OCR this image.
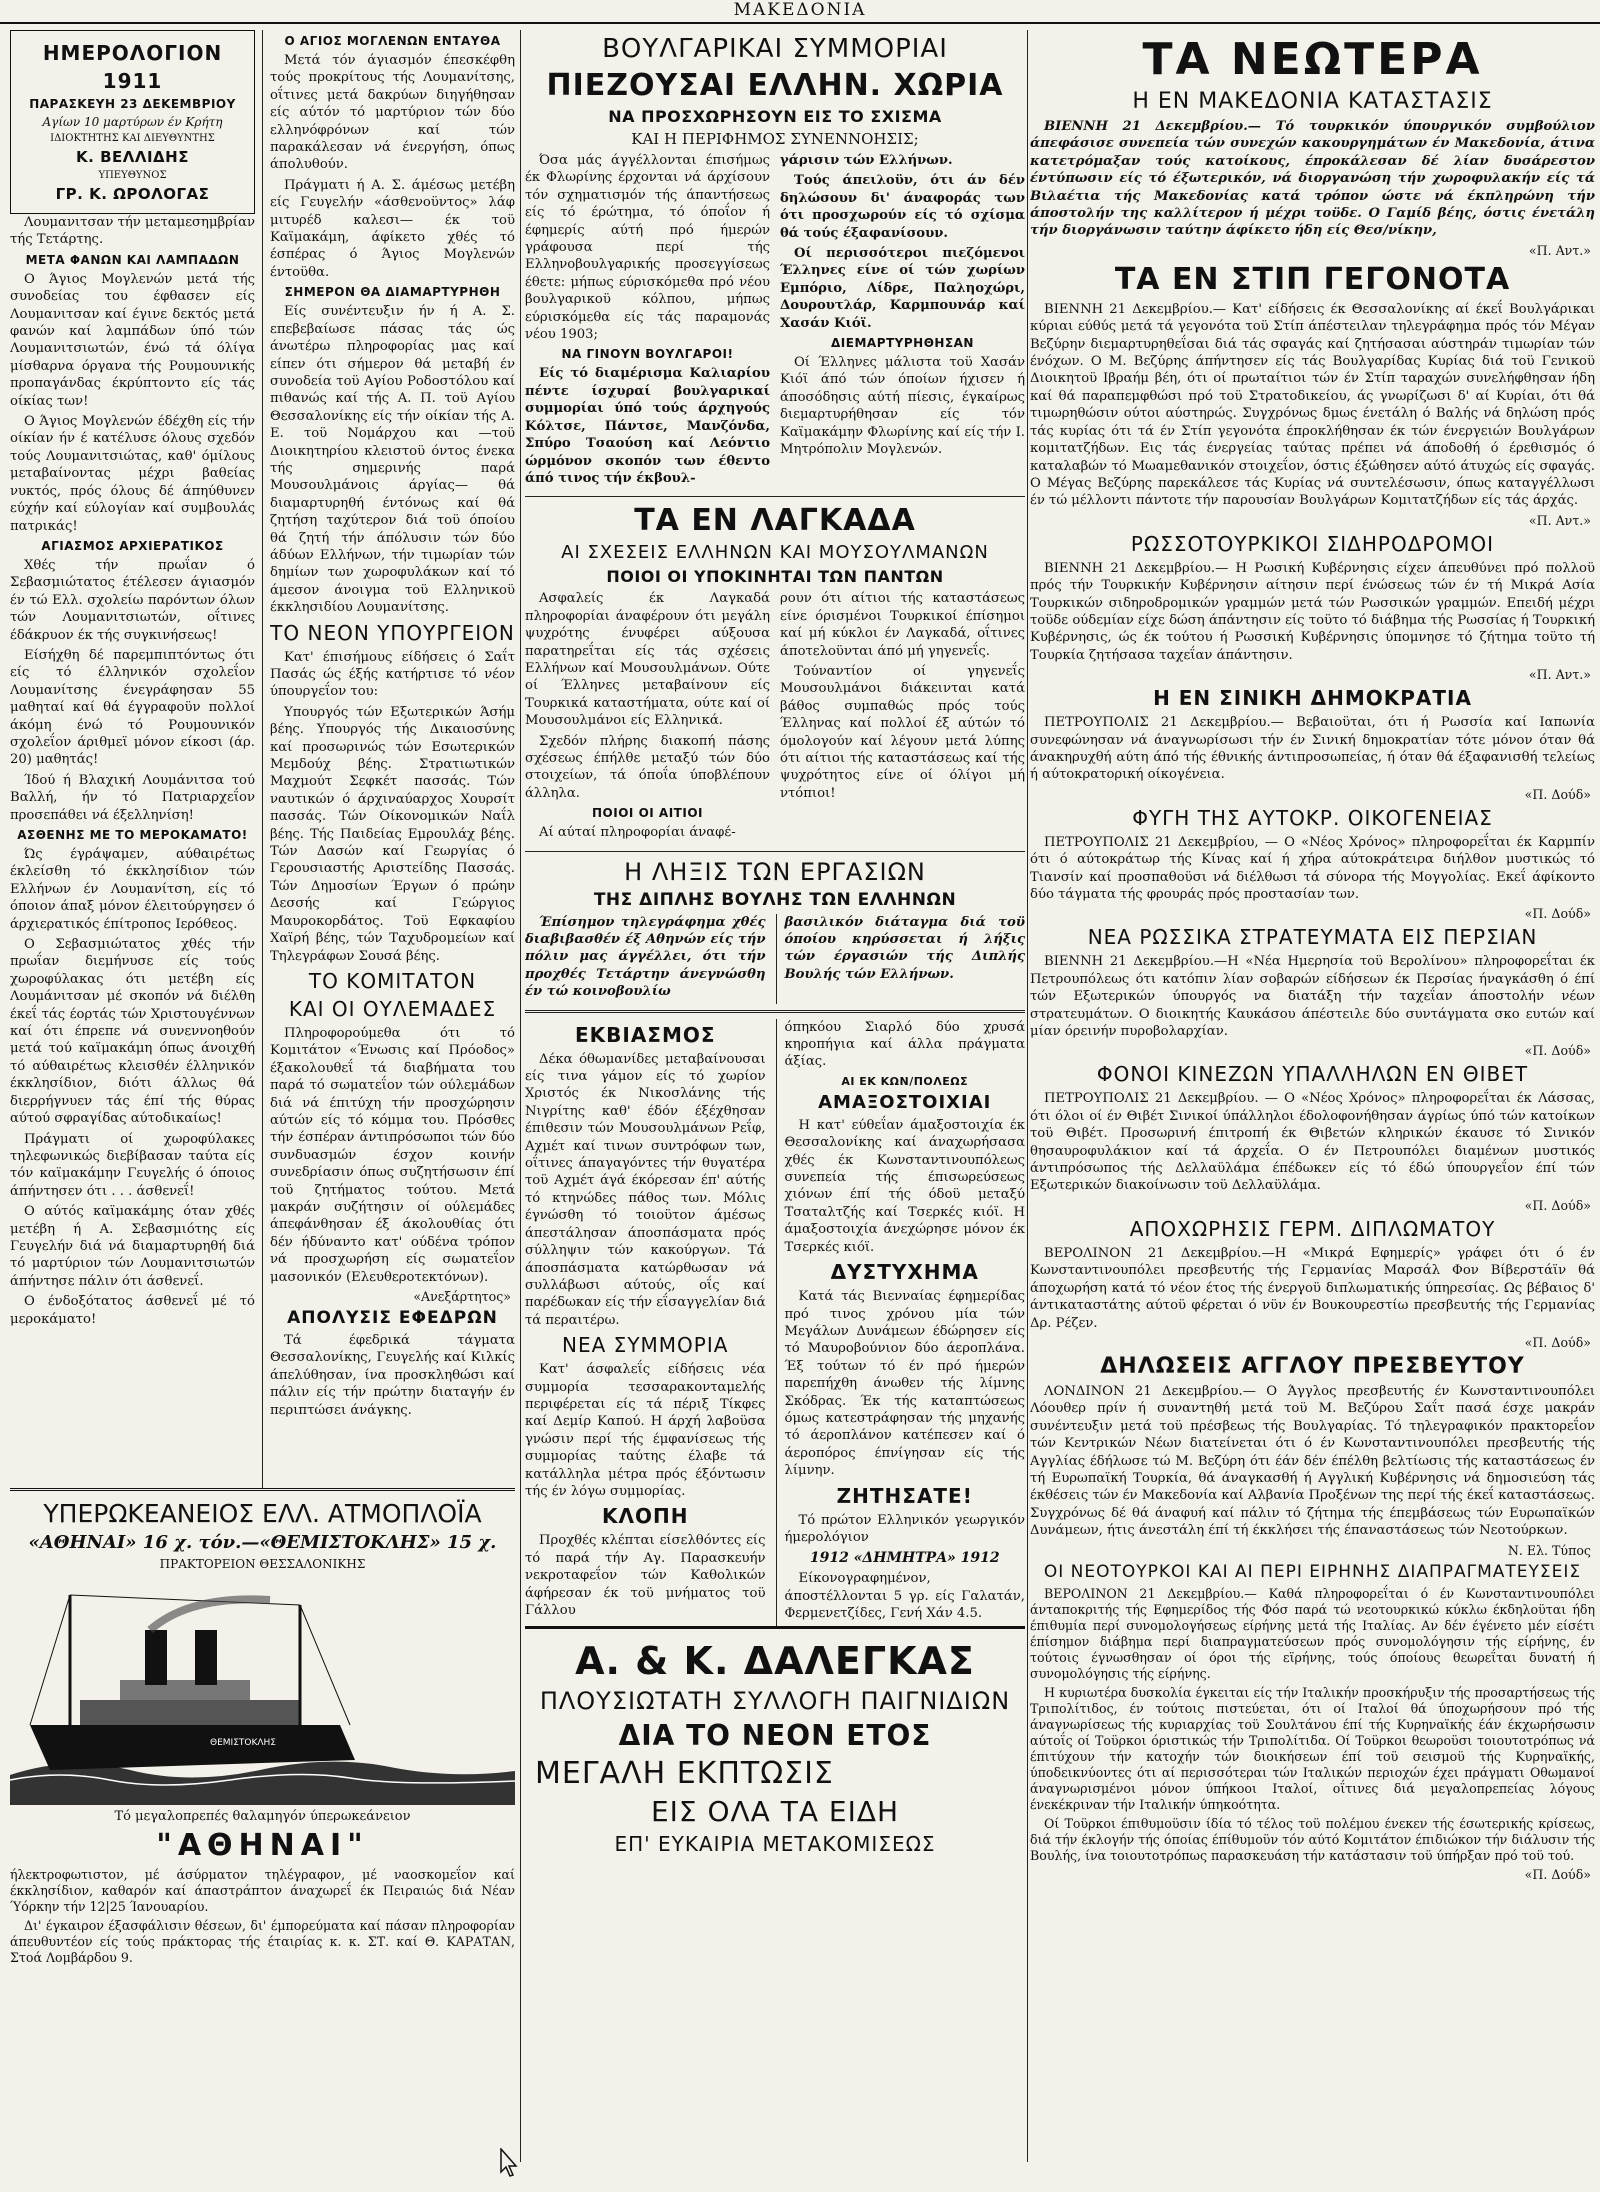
ΜΑΚΕΔΟΝΙΑ
ΗΜΕΡΟΛΟΓΙΟΝ
1911
ΠΑΡΑΣΚΕΥΗ 23 ΔΕΚΕΜΒΡΙΟΥ
Αγίων 10 μαρτύρων έν Κρήτη
ΙΔΙΟΚΤΗΤΗΣ ΚΑΙ ΔΙΕΥΘΥΝΤΗΣ
Κ. ΒΕΛΛΙΔΗΣ
ΥΠΕΥΘΥΝΟΣ
ΓΡ. Κ. ΩΡΟΛΟΓΑΣ

Λουμανιτσαν τήν μεταμεσημβρίαν τής Τετάρτης.

ΜΕΤΑ ΦΑΝΩΝ ΚΑΙ ΛΑΜΠΑΔΩΝ

Ο Άγιος Μογλενών μετά τής συνοδείας του έφθασεν είς Λουμανιτσαν καί έγινε δεκτός μετά φανών καί λαμπάδων ύπό τών Λουμανιτσιωτών, ένώ τά όλίγα μίσθαρνα όργανα τής Ρουμουνικής προπαγάνδας έκρύπτοντο είς τάς οίκίας των!

Ο Άγιος Μογλενών έδέχθη είς τήν οίκίαν ήν έ κατέλυσε όλους σχεδόν τούς Λουμανιτσιώτας, καθ' όμίλους μεταβαίνοντας μέχρι βαθείας νυκτός, πρός όλους δέ άπηύθυνεν εύχήν καί εύλογίαν καί συμβουλάς πατρικάς!

ΑΓΙΑΣΜΟΣ ΑΡΧΙΕΡΑΤΙΚΟΣ

Χθές τήν πρωΐαν ό Σεβασμιώτατος έτέλεσεν άγιασμόν έν τώ Ελλ. σχολείω παρόντων όλων τών Λουμανιτσιωτών, οΐτινες έδάκρυον έκ τής συγκινήσεως!

Είσήχθη δέ παρεμπιπτόντως ότι είς τό έλληνικόν σχολεΐον Λουμανίτσης ένεγράφησαν 55 μαθηταί καί θά έγγραφοϋν πολλοί άκόμη ένώ τό Ρουμουνικόν σχολεΐον άριθμεϊ μόνον είκοσι (άρ. 20) μαθητάς!

Ίδού ή Βλαχική Λουμάνιτσα τού Βαλλή, ήν τό Πατριαρχεΐον προσεπάθει νά έξελληνίση!

ΑΣΘΕΝΗΣ ΜΕ ΤΟ ΜΕΡΟΚΑΜΑΤΟ!

Ώς έγράψαμεν, αύθαιρέτως έκλείσθη τό έκκλησίδιον τών Ελλήνων έν Λουμανίτση, είς τό όποιον άπαξ μόνον έλειτούργησεν ό άρχιερατικός έπίτροπος Ιερόθεος.

Ο Σεβασμιώτατος χθές τήν πρωΐαν διεμήνυσε είς τούς χωροφύλακας ότι μετέβη είς Λουμάνιτσαν μέ σκοπόν νά διέλθη έκεΐ τάς έορτάς τών Χριστουγέννων καί ότι έπρεπε νά συνεννοηθούν μετά τού καϊμακάμη όπως άνοιχθή τό αύθαιρέτως κλεισθέν έλληνικόν έκκλησίδιον, διότι άλλως θά διερρήγνυεν τάς έπί τής θύρας αύτού σφραγίδας αύτοδικαίως!

Πράγματι οί χωροφύλακες τηλεφωνικώς διεβίβασαν ταύτα είς τόν καϊμακάμην Γευγελής ό όποιος άπήντησεν ότι . . . άσθενεΐ!

Ο αύτός καϊμακάμης όταν χθές μετέβη ή Α. Σεβασμιότης είς Γευγελήν διά νά διαμαρτυρηθή διά τό μαρτύριον τών Λουμανιτσιωτών άπήντησε πάλιν ότι άσθενεΐ.

Ο ένδοξότατος άσθενεΐ μέ τό μεροκάματο!

Ο ΑΓΙΟΣ ΜΟΓΛΕΝΩΝ ΕΝΤΑΥΘΑ

Μετά τόν άγιασμόν έπεσκέφθη τούς προκρίτους τής Λουμανίτσης, οΐτινες μετά δακρύων διηγήθησαν είς αύτόν τό μαρτύριον τών δύο ελληνόφρόνων καί τών παρακάλεσαν νά ένεργήση, όπως άπολυθούν.

Πράγματι ή Α. Σ. άμέσως μετέβη είς Γευγελήν «άσθενοϋντος» λάφ μιτυρέδ καλεσι— έκ τοϋ Καϊμακάμη, άφίκετο χθές τό έσπέρας ό Άγιος Μογλενών έντοϋθα.

ΣΗΜΕΡΟΝ ΘΑ ΔΙΑΜΑΡΤΥΡΗΘΗ

Είς συνέντευξιν ήν ή Α. Σ. επεβεβαίωσε πάσας τάς ώς άνωτέρω πληροφορίας μας καί είπεν ότι σήμερον θά μεταβή έν συνοδεία τοϋ Αγίου Ροδοστόλου καί πιθανώς καί τής Α. Π. τοϋ Αγίου Θεσσαλονίκης είς τήν οίκίαν τής Α. Ε. τοϋ Νομάρχου και —τοϋ Διοικητηρίου κλειστοϋ όντος ένεκα τής σημερινής παρά Μουσουλμάνοις άργίας— θά διαμαρτυρηθή έντόνως καί θά ζητήση ταχύτερον διά τοϋ όποίου θά ζητή τήν άπόλυσιν τών δύο άδύων Ελλήνων, τήν τιμωρίαν τών δημίων των χωροφυλάκων καί τό άμεσον άνοιγμα τοϋ Ελληνικοϋ έκκλησιδίου Λουμανίτσης.

ΤΟ ΝΕΟΝ ΥΠΟΥΡΓΕΙΟΝ

Κατ' έπισήμους είδήσεις ό Σαΐτ Πασάς ώς έξής κατήρτισε τό νέον ύπουργεΐον του:

Υπουργός τών Εξωτερικών Άσήμ βέης. Υπουργός τής Δικαιοσύνης καί προσωρινώς τών Εσωτερικών Μεμδούχ βέης. Στρατιωτικών Μαχμούτ Σεφκέτ πασσάς. Τών ναυτικών ό άρχιναύαρχος Χουρσίτ πασσάς. Τών Οίκονομικών Ναΐλ βέης. Τής Παιδείας Εμρουλάχ βέης. Τών Δασών καί Γεωργίας ό Γερουσιαστής Αριστείδης Πασσάς. Τών Δημοσίων Έργων ό πρώην Δεσσής καί Γεώργιος Μαυροκορδάτος. Τοϋ Εφκαφίου Χαϊρή βέης, τών Ταχυδρομείων καί Τηλεγράφων Σουσά βέης.

ΤΟ ΚΟΜΙΤΑΤΟΝ
ΚΑΙ ΟΙ ΟΥΛΕΜΑΔΕΣ

Πληροφορούμεθα ότι τό Κομιτάτον «Ένωσις καί Πρόοδος» έξακολουθεΐ τά διαβήματα του παρά τό σωματεΐον τών ούλεμάδων διά νά έπιτύχη τήν προσχώρησιν αύτών είς τό κόμμα του. Πρόσθες τήν έσπέραν άντιπρόσωποι τών δύο συνδυασμών έσχον κοινήν συνεδρίασιν όπως συζητήσωσιν έπί τοϋ ζητήματος τούτου. Μετά μακράν συζήτησιν οί ούλεμάδες άπεφάνθησαν έξ άκολουθίας ότι δέν ήδύναντο κατ' ούδένα τρόπον νά προσχωρήση είς σωματεΐον μασονικόν (Ελευθεροτεκτόνων).

«Ανεξάρτητος»
ΑΠΟΛΥΣΙΣ ΕΦΕΔΡΩΝ

Τά έφεδρικά τάγματα Θεσσαλονίκης, Γευγελής καί Κιλκίς άπελύθησαν, ίνα προσκληθώσι καί πάλιν είς τήν πρώτην διαταγήν έν περιπτώσει άνάγκης.

ΥΠΕΡΩΚΕΑΝΕΙΟΣ ΕΛΛ. ΑΤΜΟΠΛΟΪΑ
«ΑΘΗΝΑΙ» 16 χ. τόν.—«ΘΕΜΙΣΤΟΚΛΗΣ» 15 χ.
ΠΡΑΚΤΟΡΕΙΟΝ ΘΕΣΣΑΛΟΝΙΚΗΣ
ΘΕΜΙΣΤΟΚΛΗΣ
Τό μεγαλοπρεπές θαλαμηγόν ύπερωκεάνειον
"ΑΘΗΝΑΙ"

ήλεκτροφωτιστον, μέ άσύρματον τηλέγραφον, μέ ναοσκομεΐον καί έκκλησίδιον, καθαρόν καί άπαστράπτον άναχωρεΐ έκ Πειραιώς διά Νέαν Ύόρκην τήν 12|25 Ίανουαρίου.

Δι' έγκαιρον έξασφάλισιν θέσεων, δι' έμπορεύματα καί πάσαν πληροφορίαν άπευθυντέον είς τούς πράκτορας τής έταιρίας κ. κ. ΣΤ. καί Θ. ΚΑΡΑΤΑΝ, Στοά Λομβάρδου 9.

ΒΟΥΛΓΑΡΙΚΑΙ ΣΥΜΜΟΡΙΑΙ
ΠΙΕΖΟΥΣΑΙ ΕΛΛΗΝ. ΧΩΡΙΑ
ΝΑ ΠΡΟΣΧΩΡΗΣΟΥΝ ΕΙΣ ΤΟ ΣΧΙΣΜΑ
ΚΑΙ Η ΠΕΡΙΦΗΜΟΣ ΣΥΝΕΝΝΟΗΣΙΣ;

Όσα μάς άγγέλλονται έπισήμως έκ Φλωρίνης έρχονται νά άρχίσουν τόν σχηματισμόν τής άπαντήσεως είς τό έρώτημα, τό όποΐον ή έφημερίς αύτή πρό ήμερών γράφουσα περί τής Ελληνοβουλγαρικής προσεγγίσεως έθετε: μήπως εύρισκόμεθα πρό νέου βουλγαρικοϋ κόλπου, μήπως εύρισκόμεθα είς τάς παραμονάς νέου 1903;

ΝΑ ΓΙΝΟΥΝ ΒΟΥΛΓΑΡΟΙ!

Είς τό διαμέρισμα Καλιαρίου πέντε ίσχυραί βουλγαρικαί συμμορίαι ύπό τούς άρχηγούς Κόλτσε, Πάντσε, Μανζόνδα, Σπύρο Τσαούση καί Λεόντιο ώρμόνον σκοπόν των έθεντο άπό τινος τήν έκβουλ-

γάρισιν τών Ελλήνων.

Τούς άπειλοϋν, ότι άν δέν δηλώσουν δι' άναφοράς των ότι προσχωρούν είς τό σχίσμα θά τούς έξαφανίσουν.

Οί περισσότεροι πιεζόμενοι Έλληνες είνε οί τών χωρίων Εμπόριο, Λίδρε, Παληοχώρι, Δουρουτλάρ, Καρμπουνάρ καί Χασάν Κιόϊ.

ΔΙΕΜΑΡΤΥΡΗΘΗΣΑΝ

Οί Έλληνες μάλιστα τοϋ Χασάν Κιόϊ άπό τών όποίων ήχισεν ή άποσόδησις αύτή πίεσις, έγκαίρως διεμαρτυρήθησαν είς τόν Καϊμακάμην Φλωρίνης καί είς τήν Ι. Μητρόπολιν Μογλενών.

ΤΑ ΕΝ ΛΑΓΚΑΔΑ
ΑΙ ΣΧΕΣΕΙΣ ΕΛΛΗΝΩΝ ΚΑΙ ΜΟΥΣΟΥΛΜΑΝΩΝ
ΠΟΙΟΙ ΟΙ ΥΠΟΚΙΝΗΤΑΙ ΤΩΝ ΠΑΝΤΩΝ

Ασφαλείς έκ Λαγκαδά πληροφορίαι άναφέρουν ότι μεγάλη ψυχρότης ένυφέρει αύξουσα παρατηρεΐται είς τάς σχέσεις Ελλήνων καί Μουσουλμάνων. Ούτε οί Έλληνες μεταβαίνουν είς Τουρκικά καταστήματα, ούτε καί οί Μουσουλμάνοι είς Ελληνικά.

Σχεδόν πλήρης διακοπή πάσης σχέσεως έπήλθε μεταξύ τών δύο στοιχείων, τά όποΐα ύποβλέπουν άλληλα.

ΠΟΙΟΙ ΟΙ ΑΙΤΙΟΙ

Αί αύταί πληροφορίαι άναφέ-

ρουν ότι αίτιοι τής καταστάσεως είνε όρισμένοι Τουρκικοί έπίσημοι καί μή κύκλοι έν Λαγκαδά, οΐτινες άποτελοϋνται άπό μή γηγενεΐς.

Τούναντίον οί γηγενεΐς Μουσουλμάνοι διάκεινται κατά βάθος συμπαθώς πρός τούς Έλληνας καί πολλοί έξ αύτών τό όμολογούν καί λέγουν μετά λύπης ότι αίτιοι τής καταστάσεως καί τής ψυχρότητος είνε οί όλίγοι μή ντόπιοι!

Η ΛΗΞΙΣ ΤΩΝ ΕΡΓΑΣΙΩΝ
ΤΗΣ ΔΙΠΛΗΣ ΒΟΥΛΗΣ ΤΩΝ ΕΛΛΗΝΩΝ

Έπίσημον τηλεγράφημα χθές διαβιβασθέν έξ Αθηνών είς τήν πόλιν μας άγγέλλει, ότι τήν προχθές Τετάρτην άνεγνώσθη έν τώ κοινοβουλίω

βασιλικόν διάταγμα διά τοϋ όποίου κηρύσσεται ή λήξις τών έργασιών τής Διπλής Βουλής τών Ελλήνων.

ΕΚΒΙΑΣΜΟΣ

Δέκα όθωμανίδες μεταβαίνουσαι είς τινα γάμον είς τό χωρίον Χριστός έκ Νικοσλάνης τής Νιγρίτης καθ' έδόν έξέχθησαν έπιθεσιν τών Μουσουλμάνων Ρεΐφ, Αχμέτ καί τινων συντρόφων των, οΐτινες άπαγαγόντες τήν θυγατέρα τοϋ Αχμέτ άγά έκόρεσαν έπ' αύτής τό κτηνώδες πάθος των. Μόλις έγνώσθη τό τοιοϋτον άμέσως άπεστάλησαν άποσπάσματα πρός σύλληψιν τών κακούργων. Τά άποσπάσματα κατώρθωσαν νά συλλάβωσι αύτούς, οΐς καί παρέδωκαν είς τήν εΐσαγγελίαν διά τά περαιτέρω.

ΝΕΑ ΣΥΜΜΟΡΙΑ

Κατ' άσφαλεΐς είδήσεις νέα συμμορία τεσσαρακονταμελής περιφέρεται είς τά πέριξ Τίκφες καί Δεμίρ Καπού. Η άρχή λαβοϋσα γνώσιν περί τής έμφανίσεως τής συμμορίας ταύτης έλαβε τά κατάλληλα μέτρα πρός έξόντωσιν τής έν λόγω συμμορίας.

ΚΛΟΠΗ

Προχθές κλέπται είσελθόντες είς τό παρά τήν Αγ. Παρασκευήν νεκροταφεΐον τών Καθολικών άφήρεσαν έκ τοϋ μνήματος τοϋ Γάλλου

όπηκόου Σιαρλό δύο χρυσά κηροπήγια καί άλλα πράγματα άξίας.

ΑΙ ΕΚ ΚΩΝ/ΠΟΛΕΩΣ
ΑΜΑΞΟΣΤΟΙΧΙΑΙ

Η κατ' εύθεΐαν άμαξοστοιχία έκ Θεσσαλονίκης καί άναχωρήσασα χθές έκ Κωνσταντινουπόλεως συνεπεία τής έπισωρεύσεως χιόνων έπί τής όδοϋ μεταξύ Τσαταλτζής καί Τσερκές κιόϊ. Η άμαξοστοιχία άνεχώρησε μόνον έκ Τσερκές κιόϊ.

ΔΥΣΤΥΧΗΜΑ

Κατά τάς Βιενναίας έφημερίδας πρό τινος χρόνου μία τών Μεγάλων Δυνάμεων έδώρησεν είς τό Μαυροβούνιον δύο άεροπλάνα. Έξ τούτων τό έν πρό ήμερών παρεπήχθη άνωθεν τής λίμνης Σκόδρας. Έκ τής καταπτώσεως όμως κατεστράφησαν τής μηχανής τό άεροπλάνον κατέπεσεν καί ό άεροπόρος έπνίγησαν είς τής λίμνην.

ΖΗΤΗΣΑΤΕ!

Τό πρώτον Ελληνικόν γεωργικόν ήμερολόγιον

1912 «ΔΗΜΗΤΡΑ» 1912

Είκονογραφημένον, άποστέλλονται 5 γρ. είς Γαλατάν, Φερμενετζίδες, Γενή Χάν 4.5.

Α. & Κ. ΔΑΛΕΓΚΑΣ
ΠΛΟΥΣΙΩΤΑΤΗ ΣΥΛΛΟΓΗ ΠΑΙΓΝΙΔΙΩΝ
ΔΙΑ ΤΟ ΝΕΟΝ ΕΤΟΣ
ΜΕΓΑΛΗ ΕΚΠΤΩΣΙΣ
ΕΙΣ ΟΛΑ ΤΑ ΕΙΔΗ
ΕΠ' ΕΥΚΑΙΡΙΑ ΜΕΤΑΚΟΜΙΣΕΩΣ
ΤΑ ΝΕΩΤΕΡΑ
Η ΕΝ ΜΑΚΕΔΟΝΙΑ ΚΑΤΑΣΤΑΣΙΣ

ΒΙΕΝΝΗ 21 Δεκεμβρίου.— Τό τουρκικόν ύπουργικόν συμβούλιον άπεφάσισε συνεπεία τών συνεχών κακουργημάτων έν Μακεδονία, άτινα κατετρόμαξαν τούς κατοίκους, έπροκάλεσαν δέ λίαν δυσάρεστον έντύπωσιν είς τό έξωτερικόν, νά διοργανώση τήν χωροφυλακήν είς τά Βιλαέτια τής Μακεδονίας κατά τρόπον ώστε νά έκπληρώνη τήν άποστολήν της καλλίτερον ή μέχρι τοϋδε. Ο Γαμίδ βέης, όστις ένετάλη τήν διοργάνωσιν ταύτην άφίκετο ήδη είς Θεσ/νίκην,

«Π. Αντ.»
ΤΑ ΕΝ ΣΤΙΠ ΓΕΓΟΝΟΤΑ

ΒΙΕΝΝΗ 21 Δεκεμβρίου.— Κατ' είδήσεις έκ Θεσσαλονίκης αί έκεΐ Βουλγάρικαι κύριαι εύθύς μετά τά γεγονότα τοϋ Στίπ άπέστειλαν τηλεγράφημα πρός τόν Μέγαν Βεζύρην διεμαρτυρηθεΐσαι διά τάς σφαγάς καί ζητήσασαι αύστηράν τιμωρίαν τών ένόχων. Ο Μ. Βεζύρης άπήντησεν είς τάς Βουλγαρίδας Κυρίας διά τοϋ Γενικοϋ Διοικητοϋ Ιβραήμ βέη, ότι οί πρωταίτιοι τών έν Στίπ ταραχών συνελήφθησαν ήδη καί θά παραπεμφθώσι πρό τοϋ Στρατοδικείου, άς γνωρίζωσι δ' αί Κυρίαι, ότι θά τιμωρηθώσιν ούτοι αύστηρώς. Συγχρόνως δμως ένετάλη ό Βαλής νά δηλώση πρός τάς κυρίας ότι τά έν Στίπ γεγονότα έπροκλήθησαν έκ τών ένεργειών Βουλγάρων κομιτατζήδων. Εις τάς ένεργείας ταύτας πρέπει νά άποδοθή ό έρεθισμός ό καταλαβών τό Μωαμεθανικόν στοιχεΐον, όστις έξώθησεν αύτό άτυχώς είς σφαγάς. Ο Μέγας Βεζύρης παρεκάλεσε τάς Κυρίας νά συντελέσωσιν, όπως καταγγέλλωσι έν τώ μέλλοντι πάντοτε τήν παρουσίαν Βουλγάρων Κομιτατζήδων είς τάς άρχάς.

«Π. Αντ.»
ΡΩΣΣΟΤΟΥΡΚΙΚΟΙ ΣΙΔΗΡΟΔΡΟΜΟΙ

ΒΙΕΝΝΗ 21 Δεκεμβρίου.— Η Ρωσική Κυβέρνησις είχεν άπευθύνει πρό πολλοϋ πρός τήν Τουρκικήν Κυβέρνησιν αίτησιν περί ένώσεως τών έν τή Μικρά Ασία Τουρκικών σιδηροδρομικών γραμμών μετά τών Ρωσσικών γραμμών. Επειδή μέχρι τοϋδε ούδεμίαν είχε δώση άπάντησιν είς τοϋτο τό διάβημα τής Ρωσσίας ή Τουρκική Κυβέρνησις, ώς έκ τούτου ή Ρωσσική Κυβέρνησις ύπομνησε τό ζήτημα τοϋτο τή Τουρκία ζητήσασα ταχεΐαν άπάντησιν.

«Π. Αντ.»
Η ΕΝ ΣΙΝΙΚΗ ΔΗΜΟΚΡΑΤΙΑ

ΠΕΤΡΟΥΠΟΛΙΣ 21 Δεκεμβρίου.— Βεβαιοϋται, ότι ή Ρωσσία καί Ιαπωνία συνεφώνησαν νά άναγνωρίσωσι τήν έν Σινική δημοκρατίαν τότε μόνον όταν θά άνακηρυχθή αύτη άπό τής έθνικής άντιπροσωπείας, ή όταν θά έξαφανισθή τελείως ή αύτοκρατορική οίκογένεια.

«Π. Δούδ»
ΦΥΓΗ ΤΗΣ ΑΥΤΟΚΡ. ΟΙΚΟΓΕΝΕΙΑΣ

ΠΕΤΡΟΥΠΟΛΙΣ 21 Δεκεμβρίου, — Ο «Νέος Χρόνος» πληροφορεΐται έκ Καρμπίν ότι ό αύτοκράτωρ τής Κίνας καί ή χήρα αύτοκράτειρα διήλθον μυστικώς τό Τιανσίν καί προσπαθοϋσι νά διέλθωσι τά σύνορα τής Μογγολίας. Εκεΐ άφίκοντο δύο τάγματα τής φρουράς πρός προστασίαν των.

«Π. Δούδ»
ΝΕΑ ΡΩΣΣΙΚΑ ΣΤΡΑΤΕΥΜΑΤΑ ΕΙΣ ΠΕΡΣΙΑΝ

ΒΙΕΝΝΗ 21 Δεκεμβρίου.—Η «Νέα Ημερησία τοϋ Βερολίνου» πληροφορεΐται έκ Πετρουπόλεως ότι κατόπιν λίαν σοβαρών είδήσεων έκ Περσίας ήναγκάσθη ό έπί τών Εξωτερικών ύπουργός να διατάξη τήν ταχεΐαν άποστολήν νέων στρατευμάτων. Ο διοικητής Καυκάσου άπέστειλε δύο συντάγματα σκο ευτών καί μίαν όρεινήν πυροβολαρχίαν.

«Π. Δούδ»
ΦΟΝΟΙ ΚΙΝΕΖΩΝ ΥΠΑΛΛΗΛΩΝ ΕΝ ΘΙΒΕΤ

ΠΕΤΡΟΥΠΟΛΙΣ 21 Δεκεμβρίου. — Ο «Νέος Χρόνος» πληροφορεΐται έκ Λάσσας, ότι όλοι οί έν Θιβέτ Σινικοί ύπάλληλοι έδολοφονήθησαν άγρίως ύπό τών κατοίκων τοϋ Θιβέτ. Προσωρινή έπιτροπή έκ Θιβετών κληρικών έκαυσε τό Σινικόν θησαυροφυλάκιον καί τά άρχεΐα. Ο έν Πετρουπόλει διαμένων μυστικός άντιπρόσωπος τής Δελλαϋλάμα έπέδωκεν είς τό έδώ ύπουργεΐον έπί τών Εξωτερικών διακοίνωσιν τοϋ Δελλαϋλάμα.

«Π. Δούδ»
ΑΠΟΧΩΡΗΣΙΣ ΓΕΡΜ. ΔΙΠΛΩΜΑΤΟΥ

ΒΕΡΟΛΙΝΟΝ 21 Δεκεμβρίου.—Η «Μικρά Εφημερίς» γράφει ότι ό έν Κωνσταντινουπόλει πρεσβευτής τής Γερμανίας Μαρσάλ Φον Βίβερστάϊν θά άποχωρήση κατά τό νέον έτος τής ένεργοϋ διπλωματικής ύπηρεσίας. Ως βέβαιος δ' άντικαταστάτης αύτοϋ φέρεται ό νϋν έν Βουκουρεστίω πρεσβευτής τής Γερμανίας Δρ. Ρέζεν.

«Π. Δούδ»
ΔΗΛΩΣΕΙΣ ΑΓΓΛΟΥ ΠΡΕΣΒΕΥΤΟΥ

ΛΟΝΔΙΝΟΝ 21 Δεκεμβρίου.— Ο Άγγλος πρεσβευτής έν Κωνσταντινουπόλει Λόουθερ πρίν ή συναντηθή μετά τοϋ Μ. Βεζύρου Σαΐτ πασά έσχε μακράν συνέντευξιν μετά τοϋ πρέσβεως τής Βουλγαρίας. Τό τηλεγραφικόν πρακτορεΐον τών Κεντρικών Νέων διατείνεται ότι ό έν Κωνσταντινουπόλει πρεσβευτής τής Αγγλίας έδήλωσε τώ Μ. Βεζύρη ότι έάν δέν έπέλθη βελτίωσις τής καταστάσεως έν τή Ευρωπαϊκή Τουρκία, θά άναγκασθή ή Αγγλική Κυβέρνησις νά δημοσιεύση τάς έκθέσεις τών έν Μακεδονία καί Αλβανία Προξένων της περί τής έκεΐ καταστάσεως. Συγχρόνως δέ θά άναφυή καί πάλιν τό ζήτημα τής έπεμβάσεως τών Ευρωπαϊκών Δυνάμεων, ήτις άνεστάλη έπί τή έκκλήσει τής έπαναστάσεως τών Νεοτούρκων.

Ν. Ελ. Τύπος
ΟΙ ΝΕΟΤΟΥΡΚΟΙ ΚΑΙ ΑΙ ΠΕΡΙ ΕΙΡΗΝΗΣ ΔΙΑΠΡΑΓΜΑΤΕΥΣΕΙΣ

ΒΕΡΟΛΙΝΟΝ 21 Δεκεμβρίου.— Καθά πληροφορεΐται ό έν Κωνσταντινουπόλει άνταποκριτής τής Εφημερίδος τής Φόσ παρά τώ νεοτουρκικώ κύκλω έκδηλοϋται ήδη έπιθυμία περί συνομολογήσεως είρήνης μετά τής Ιταλίας. Αν δέν έγένετο μέν είσέτι έπίσημον διάβημα περί διαπραγματεύσεων πρός συνομολόγησιν τής είρήνης, έν τούτοις έγνωσθησαν οί όροι τής εϊρήνης, τούς όποίους θεωρεΐται δυνατή ή συνομολόγησις τής είρήνης.

Η κυριωτέρα δυσκολία έγκειται είς τήν Ιταλικήν προσκήρυξιν τής προσαρτήσεως τής Τριπολίτιδος, έν τούτοις πιστεύεται, ότι οί Ιταλοί θά ύποχωρήσουν πρό τής άναγνωρίσεως τής κυριαρχίας τοϋ Σουλτάνου έπί τής Κυρηναϊκής έάν έκχωρήσωσιν αύτοΐς οί Τοϋρκοι όριστικώς τήν Τριπολίτιδα. Οί Τοϋρκοι θεωροϋσι τοιουτοτρόπως νά έπιτύχουν τήν κατοχήν τών διοικήσεων έπί τοϋ σεισμοϋ τής Κυρηναϊκής, ύποδεικνύοντες ότι αί περισσότεραι τών Ιταλικών περιοχών έχει πράγματι Οθωμανοί άναγνωρισμένοι μόνον ύπήκοοι Ιταλοί, οΐτινες διά μεγαλοπρεπείας λόγους ένεκέκριναν τήν Ιταλικήν ύπηκοότητα.

Οί Τοϋρκοι έπιθυμοϋσιν ίδία τό τέλος τοϋ πολέμου ένεκεν τής έσωτερικής κρίσεως, διά τήν έκλογήν τής όποίας έπίθυμοϋν τόν αύτό Κομιτάτον έπιδιώκον τήν διάλυσιν τής Βουλής, ίνα τοιουτοτρόπως παρασκευάση τήν κατάστασιν τοϋ ύπήρξαν πρό τοϋ τού.

«Π. Δούδ»
